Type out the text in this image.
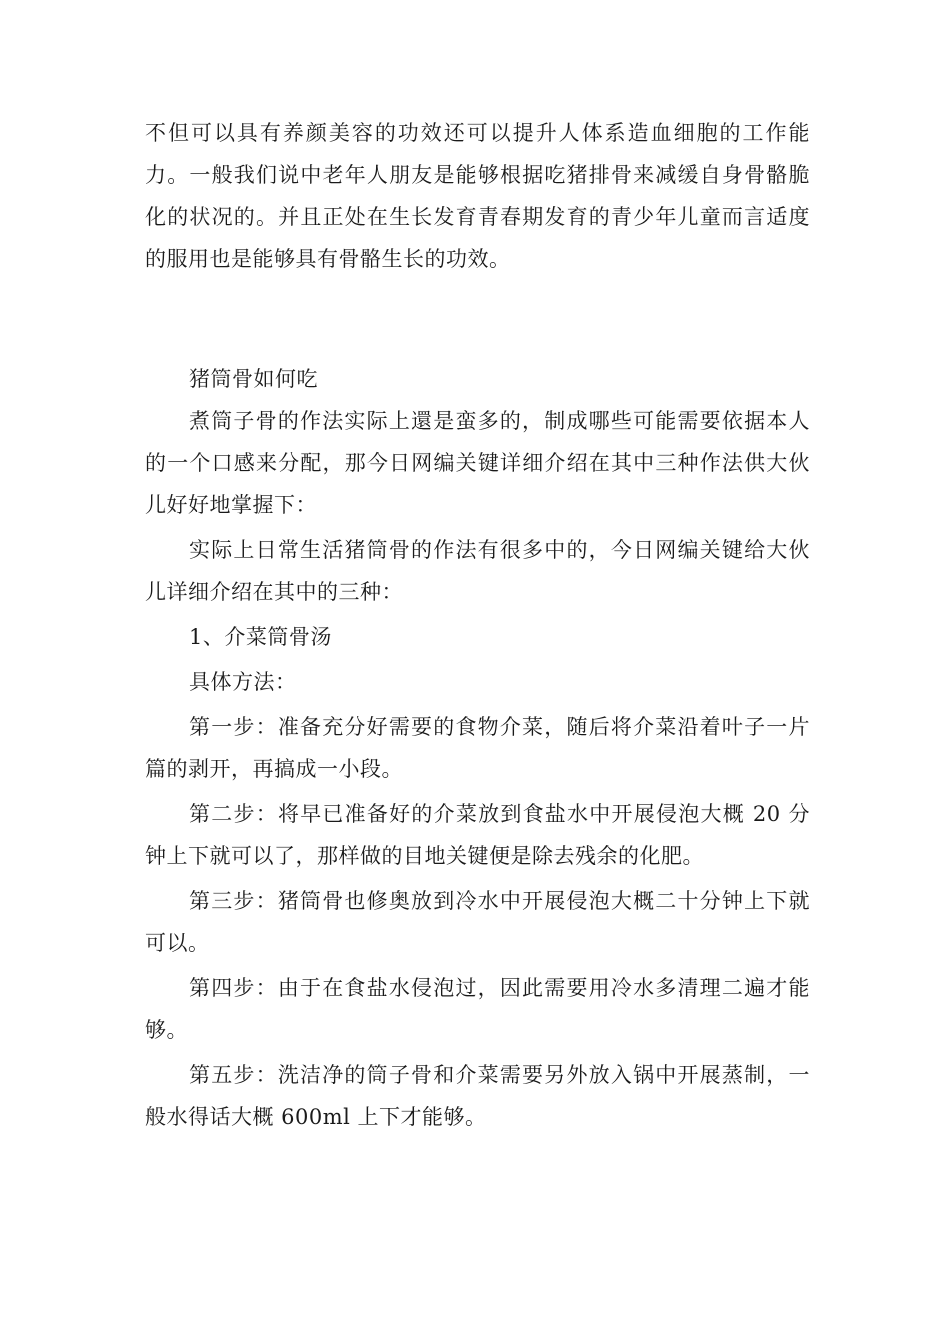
不但可以具有养颜美容的功效还可以提升人体系造血细胞的工作能力。一般我们说中老年人朋友是能够根据吃猪排骨来减缓自身骨骼脆化的状况的。并且正处在生长发育青春期发育的青少年儿童而言适度的服用也是能够具有骨骼生长的功效。

猪筒骨如何吃

煮筒子骨的作法实际上還是蛮多的，制成哪些可能需要依据本人的一个口感来分配，那今日网编关键详细介绍在其中三种作法供大伙儿好好地掌握下：

实际上日常生活猪筒骨的作法有很多中的，今日网编关键给大伙儿详细介绍在其中的三种：

1、介菜筒骨汤

具体方法：

第一步：准备充分好需要的食物介菜，随后将介菜沿着叶子一片篇的剥开，再搞成一小段。

第二步：将早已准备好的介菜放到食盐水中开展侵泡大概 20 分钟上下就可以了，那样做的目地关键便是除去残余的化肥。

第三步：猪筒骨也修奥放到冷水中开展侵泡大概二十分钟上下就可以。

第四步：由于在食盐水侵泡过，因此需要用冷水多清理二遍才能够。

第五步：洗洁净的筒子骨和介菜需要另外放入锅中开展蒸制，一般水得话大概 600ml 上下才能够。
